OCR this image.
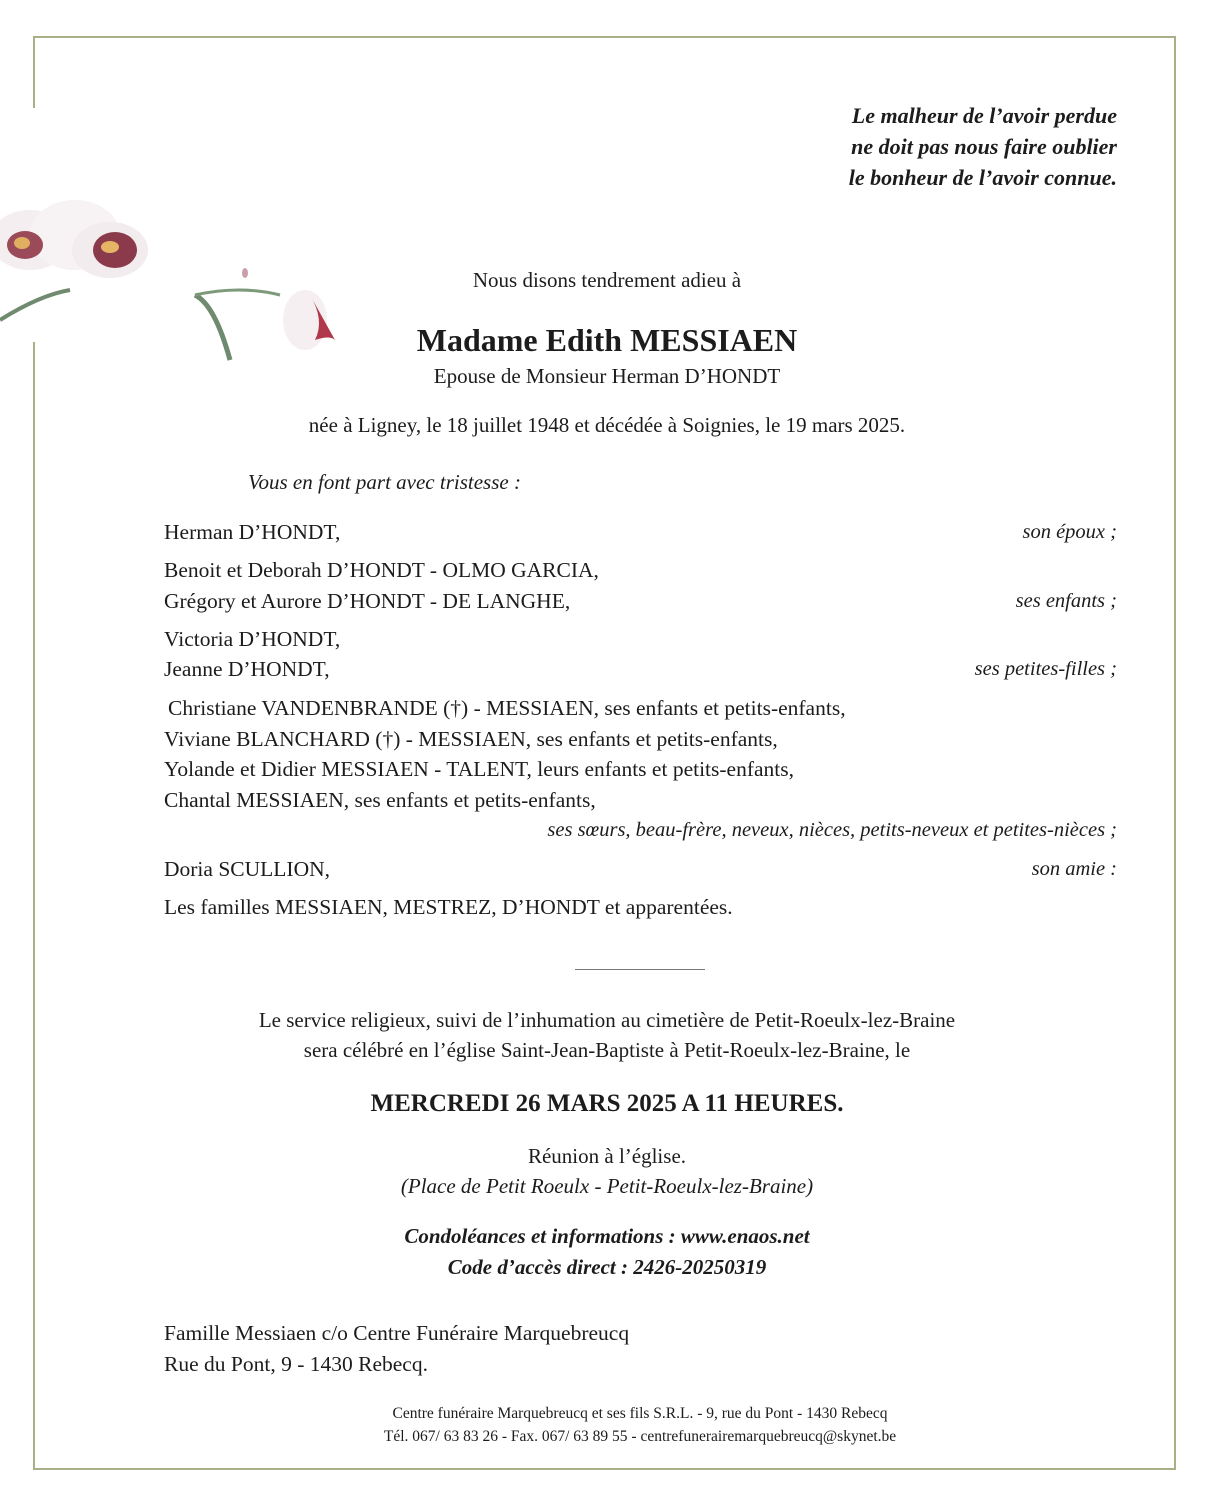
Le malheur de l’avoir perdue
ne doit pas nous faire oublier
le bonheur de l’avoir connue.
Nous disons tendrement adieu à
Madame Edith MESSIAEN
Epouse de Monsieur Herman D’HONDT
née à Ligney, le 18 juillet 1948 et décédée à Soignies, le 19 mars 2025.
Vous en font part avec tristesse :
Herman D’HONDT,	son époux ;
Benoit et Deborah D’HONDT - OLMO GARCIA,
Grégory et Aurore D’HONDT - DE LANGHE,	ses enfants ;
Victoria D’HONDT,
Jeanne D’HONDT,	ses petites-filles ;
Christiane VANDENBRANDE (†) - MESSIAEN, ses enfants et petits-enfants,
Viviane BLANCHARD (†) - MESSIAEN, ses enfants et petits-enfants,
Yolande et Didier MESSIAEN - TALENT, leurs enfants et petits-enfants,
Chantal MESSIAEN, ses enfants et petits-enfants,
ses sœurs, beau-frère, neveux, nièces, petits-neveux et petites-nièces ;
Doria SCULLION,	son amie :
Les familles MESSIAEN, MESTREZ, D’HONDT et apparentées.
Le service religieux, suivi de l’inhumation au cimetière de Petit-Roeulx-lez-Braine
sera célébré en l’église Saint-Jean-Baptiste à Petit-Roeulx-lez-Braine, le
MERCREDI 26 MARS 2025 A 11 HEURES.
Réunion à l’église.
(Place de Petit Roeulx - Petit-Roeulx-lez-Braine)
Condoléances et informations : www.enaos.net
Code d’accès direct : 2426-20250319
Famille Messiaen c/o Centre Funéraire Marquebreucq
Rue du Pont, 9 - 1430 Rebecq.
Centre funéraire Marquebreucq et ses fils S.R.L. - 9, rue du Pont - 1430 Rebecq
Tél. 067/ 63 83 26 - Fax. 067/ 63 89 55 - centrefuneraire​marquebreucq@skynet.be
